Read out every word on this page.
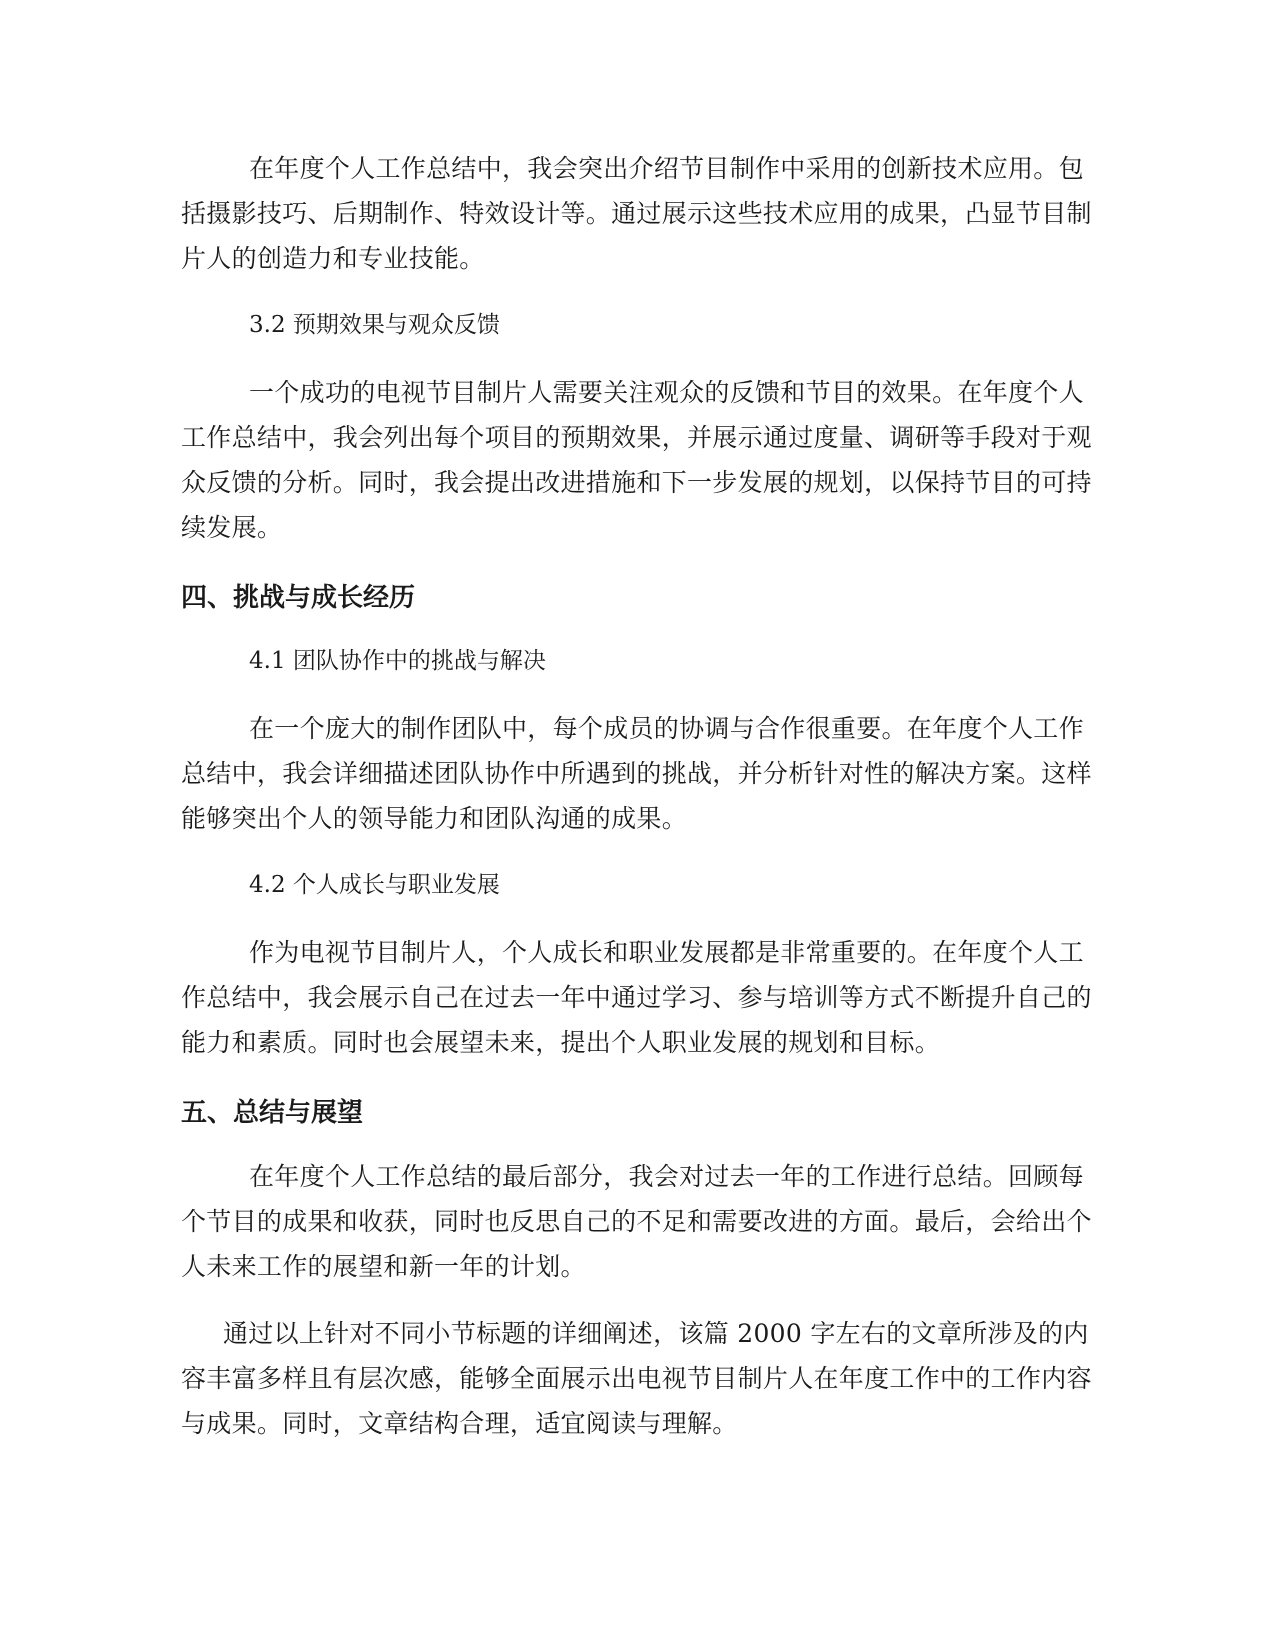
在年度个人工作总结中，我会突出介绍节目制作中采用的创新技术应用。包括摄影技巧、后期制作、特效设计等。通过展示这些技术应用的成果，凸显节目制片人的创造力和专业技能。

3.2 预期效果与观众反馈

一个成功的电视节目制片人需要关注观众的反馈和节目的效果。在年度个人工作总结中，我会列出每个项目的预期效果，并展示通过度量、调研等手段对于观众反馈的分析。同时，我会提出改进措施和下一步发展的规划，以保持节目的可持续发展。

四、挑战与成长经历

4.1 团队协作中的挑战与解决

在一个庞大的制作团队中，每个成员的协调与合作很重要。在年度个人工作总结中，我会详细描述团队协作中所遇到的挑战，并分析针对性的解决方案。这样能够突出个人的领导能力和团队沟通的成果。

4.2 个人成长与职业发展

作为电视节目制片人，个人成长和职业发展都是非常重要的。在年度个人工作总结中，我会展示自己在过去一年中通过学习、参与培训等方式不断提升自己的能力和素质。同时也会展望未来，提出个人职业发展的规划和目标。

五、总结与展望

在年度个人工作总结的最后部分，我会对过去一年的工作进行总结。回顾每个节目的成果和收获，同时也反思自己的不足和需要改进的方面。最后，会给出个人未来工作的展望和新一年的计划。

通过以上针对不同小节标题的详细阐述，该篇 2000 字左右的文章所涉及的内容丰富多样且有层次感，能够全面展示出电视节目制片人在年度工作中的工作内容与成果。同时，文章结构合理，适宜阅读与理解。
